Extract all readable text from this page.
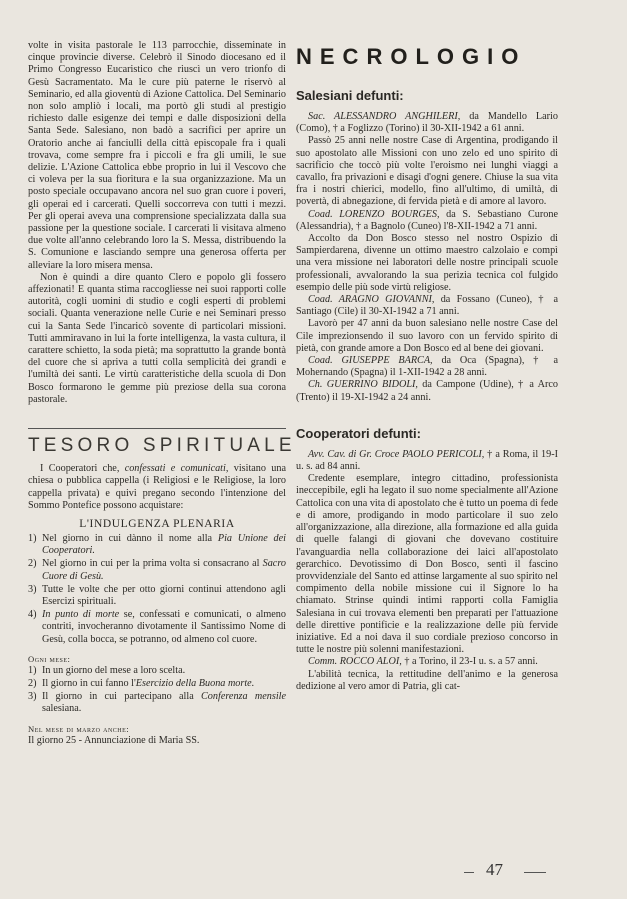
volte in visita pastorale le 113 parrocchie, disseminate in cinque provincie diverse. Celebrò il Sinodo diocesano ed il Primo Congresso Eucaristico che riuscì un vero trionfo di Gesù Sacramentato. Ma le cure più paterne le riservò al Seminario, ed alla gioventù di Azione Cattolica. Del Seminario non solo ampliò i locali, ma portò gli studi al prestigio richiesto dalle esigenze dei tempi e dalle disposizioni della Santa Sede. Salesiano, non badò a sacrifici per aprire un Oratorio anche ai fanciulli della città episcopale fra i quali trovava, come sempre fra i piccoli e fra gli umili, le sue delizie. L'Azione Cattolica ebbe proprio in lui il Vescovo che ci voleva per la sua fioritura e la sua organizzazione. Ma un posto speciale occupavano ancora nel suo gran cuore i poveri, gli operai ed i carcerati. Quelli soccorreva con tutti i mezzi. Per gli operai aveva una comprensione specializzata dalla sua passione per la questione sociale. I carcerati li visitava almeno due volte all'anno celebrando loro la S. Messa, distribuendo la S. Comunione e lasciando sempre una generosa offerta per alleviare la loro misera mensa.

Non è quindi a dire quanto Clero e popolo gli fossero affezionati! E quanta stima raccogliesse nei suoi rapporti colle autorità, cogli uomini di studio e cogli esperti di problemi sociali. Quanta venerazione nelle Curie e nei Seminari presso cui la Santa Sede l'incaricò sovente di particolari missioni. Tutti ammiravano in lui la forte intelligenza, la vasta cultura, il carattere schietto, la soda pietà; ma soprattutto la grande bontà del cuore che si apriva a tutti colla semplicità dei grandi e l'umiltà dei santi. Le virtù caratteristiche della scuola di Don Bosco formarono le gemme più preziose della sua corona pastorale.

TESORO SPIRITUALE

I Cooperatori che, confessati e comunicati, visitano una chiesa o pubblica cappella (i Religiosi e le Religiose, la loro cappella privata) e quivi pregano secondo l'intenzione del Sommo Pontefice possono acquistare:

L'INDULGENZA PLENARIA
1) Nel giorno in cui dànno il nome alla Pia Unione dei Cooperatori.
2) Nel giorno in cui per la prima volta si consacrano al Sacro Cuore di Gesù.
3) Tutte le volte che per otto giorni continui attendono agli Esercizi spirituali.
4) In punto di morte se, confessati e comunicati, o almeno contriti, invocheranno divotamente il Santissimo Nome di Gesù, colla bocca, se potranno, od almeno col cuore.
Ogni mese:
1) In un giorno del mese a loro scelta.
2) Il giorno in cui fanno l'Esercizio della Buona morte.
3) Il giorno in cui partecipano alla Conferenza mensile salesiana.
Nel mese di marzo anche:

Il giorno 25 - Annunciazione di Maria SS.

NECROLOGIO
Salesiani defunti:

Sac. ALESSANDRO ANGHILERI, da Mandello Lario (Como), † a Foglizzo (Torino) il 30-XII-1942 a 61 anni.

Passò 25 anni nelle nostre Case di Argentina, prodigando il suo apostolato alle Missioni con uno zelo ed uno spirito di sacrificio che toccò più volte l'eroismo nei lunghi viaggi a cavallo, fra privazioni e disagi d'ogni genere. Chiuse la sua vita fra i nostri chierici, modello, fino all'ultimo, di umiltà, di povertà, di abnegazione, di fervida pietà e di amore al lavoro.

Coad. LORENZO BOURGES, da S. Sebastiano Curone (Alessandria), † a Bagnolo (Cuneo) l'8-XII-1942 a 71 anni.

Accolto da Don Bosco stesso nel nostro Ospizio di Sampierdarena, divenne un ottimo maestro calzolaio e compì una vera missione nei laboratori delle nostre principali scuole professionali, avvalorando la sua perizia tecnica col fulgido esempio delle più sode virtù religiose.

Coad. ARAGNO GIOVANNI, da Fossano (Cuneo), † a Santiago (Cile) il 30-XI-1942 a 71 anni.

Lavorò per 47 anni da buon salesiano nelle nostre Case del Cile imprezionsendo il suo lavoro con un fervido spirito di pietà, con grande amore a Don Bosco ed al bene dei giovani.

Coad. GIUSEPPE BARCA, da Oca (Spagna), † a Mohernando (Spagna) il 1-XII-1942 a 28 anni.

Ch. GUERRINO BIDOLI, da Campone (Udine), † a Arco (Trento) il 19-XI-1942 a 24 anni.

Cooperatori defunti:

Avv. Cav. di Gr. Croce PAOLO PERICOLI, † a Roma, il 19-I u. s. ad 84 anni.

Credente esemplare, integro cittadino, professionista ineccepibile, egli ha legato il suo nome specialmente all'Azione Cattolica con una vita di apostolato che è tutto un poema di fede e di amore, prodigando in modo particolare il suo zelo all'organizzazione, alla direzione, alla formazione ed alla guida di quelle falangi di giovani che dovevano costituire l'avanguardia nella collaborazione dei laici all'apostolato gerarchico. Devotissimo di Don Bosco, sentì il fascino provvidenziale del Santo ed attinse largamente al suo spirito nel compimento della nobile missione cui il Signore lo ha chiamato. Strinse quindi intimi rapporti colla Famiglia Salesiana in cui trovava elementi ben preparati per l'attuazione delle direttive pontificie e la realizzazione delle più fervide iniziative. Ed a noi dava il suo cordiale prezioso concorso in tutte le nostre più solenni manifestazioni.

Comm. ROCCO ALOI, † a Torino, il 23-I u. s. a 57 anni.

L'abilità tecnica, la rettitudine dell'animo e la generosa dedizione al vero amor di Patria, gli cat-

47
